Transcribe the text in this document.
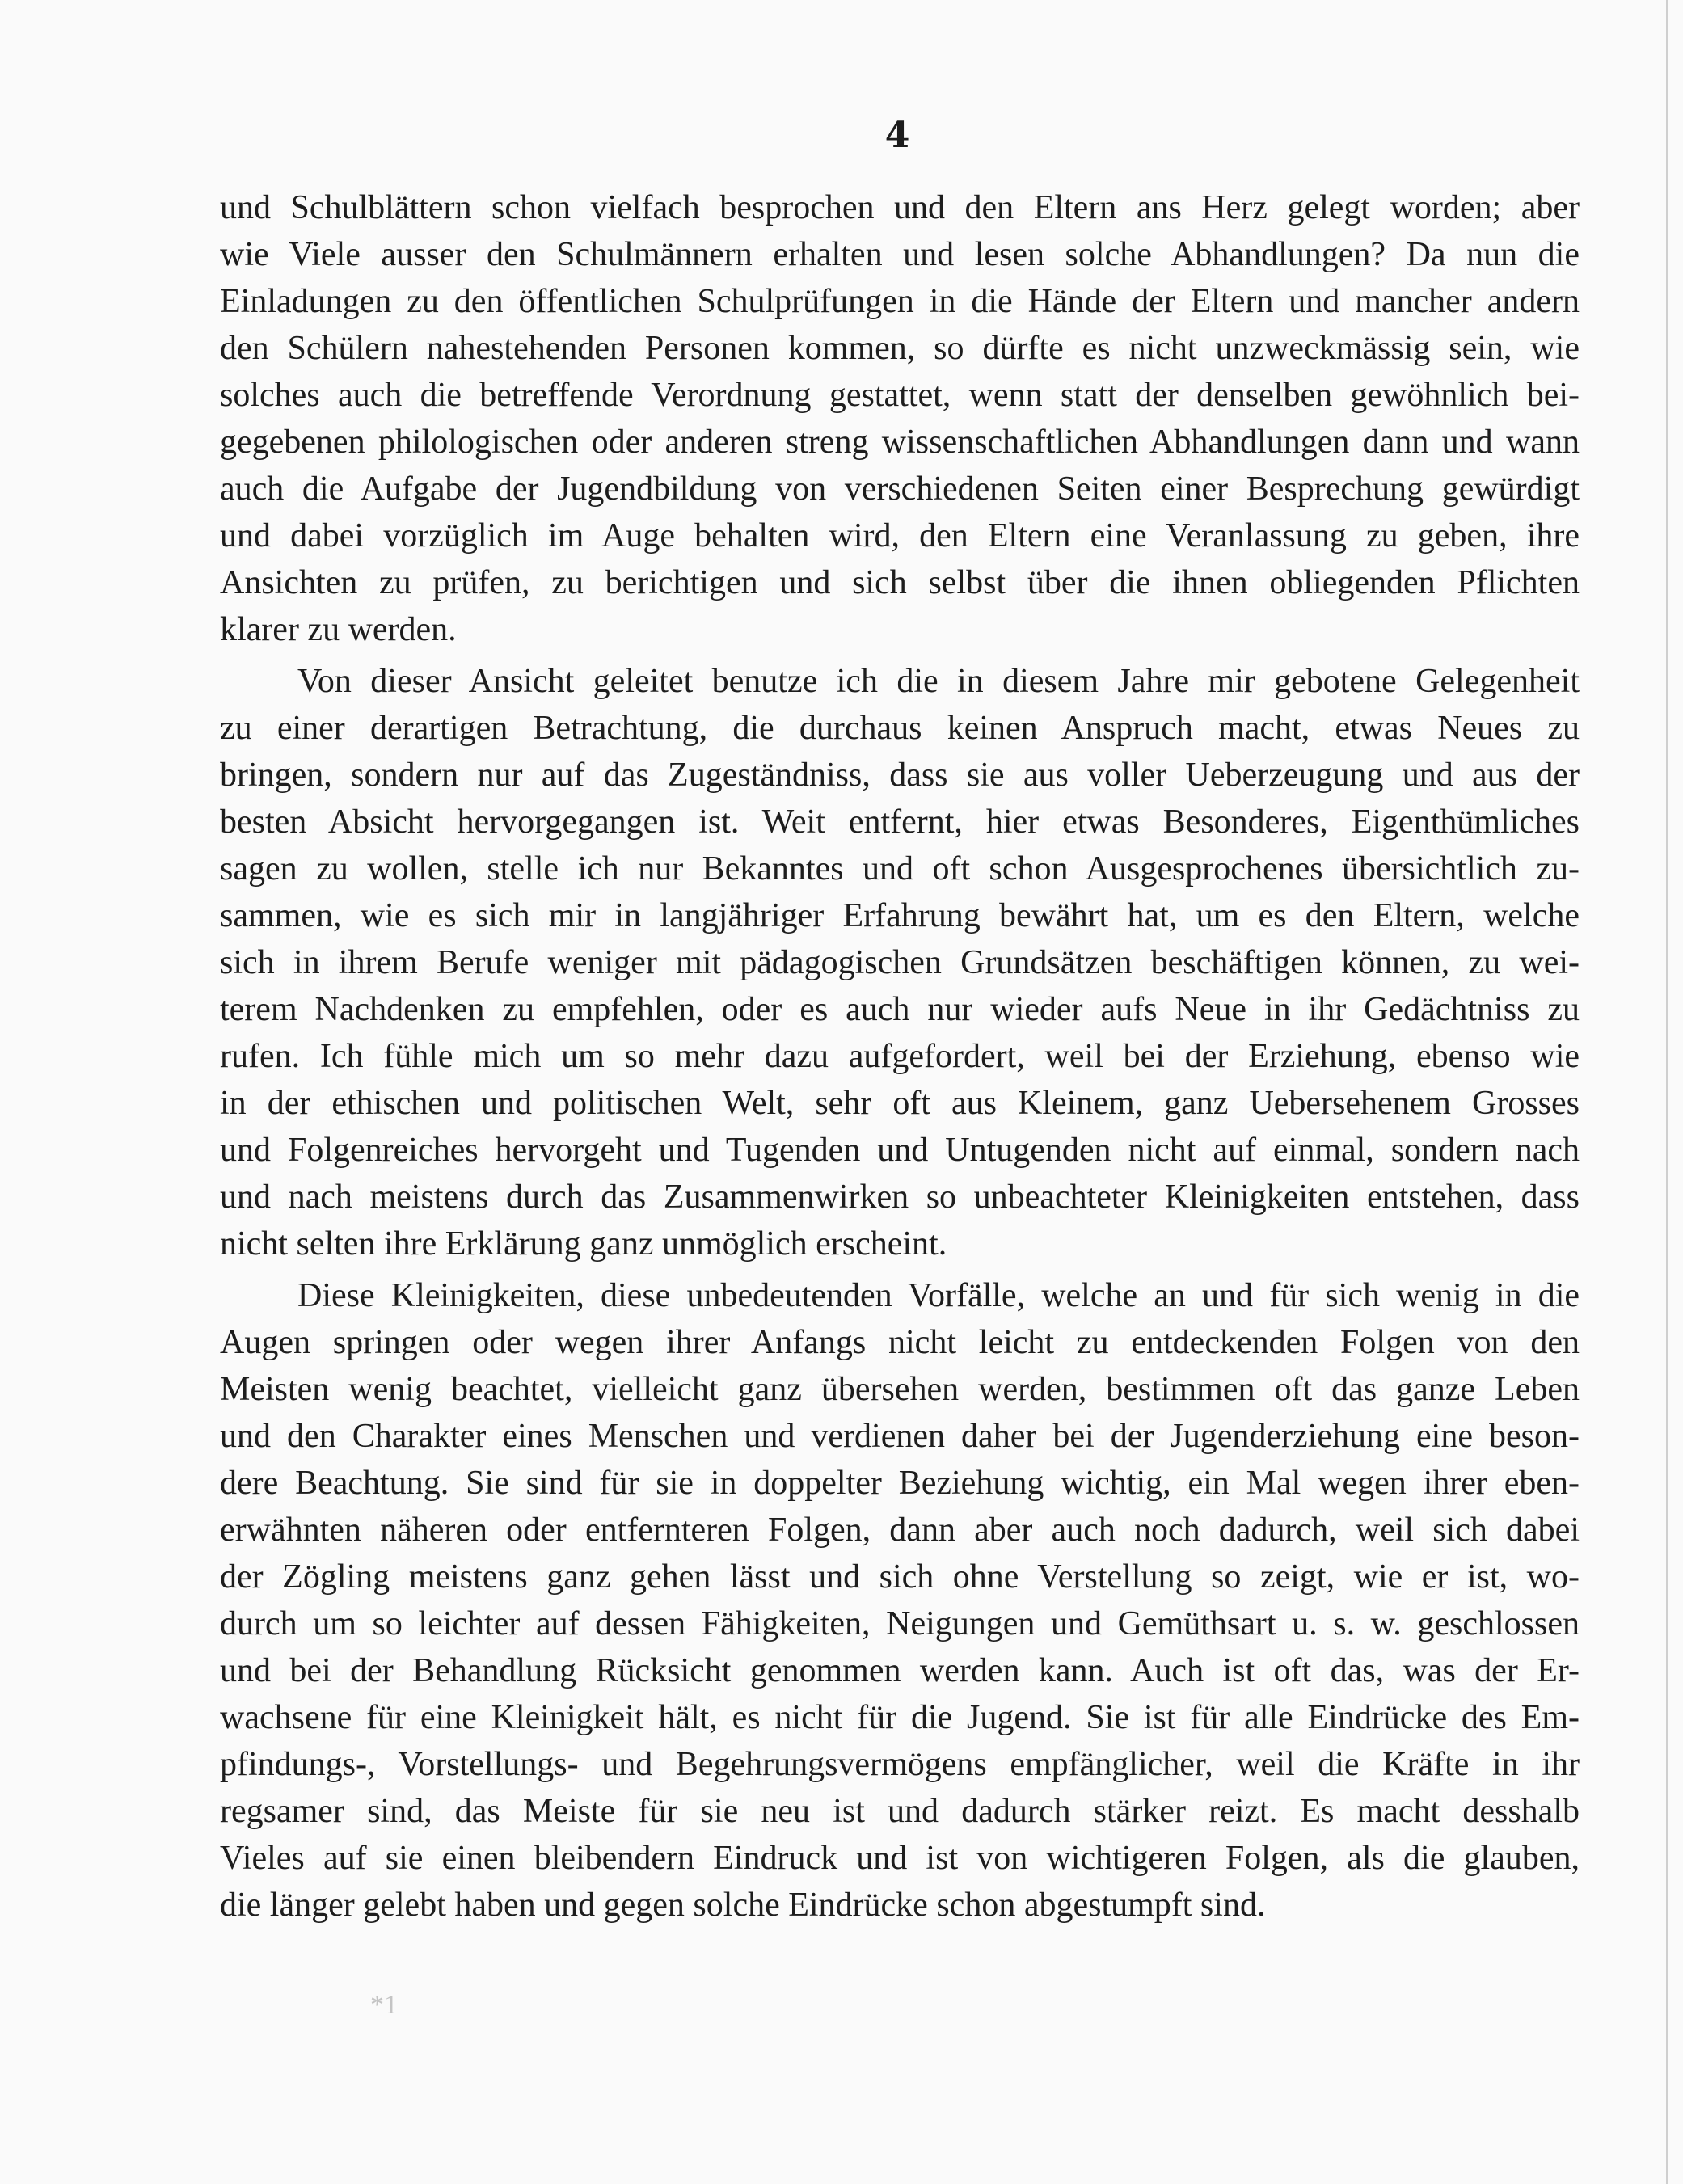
4
und Schulblättern schon vielfach besprochen und den Eltern ans Herz gelegt worden; aber
wie Viele ausser den Schulmännern erhalten und lesen solche Abhandlungen? Da nun die
Einladungen zu den öffentlichen Schulprüfungen in die Hände der Eltern und mancher andern
den Schülern nahestehenden Personen kommen, so dürfte es nicht unzweckmässig sein, wie
solches auch die betreffende Verordnung gestattet, wenn statt der denselben gewöhnlich bei-
gegebenen philologischen oder anderen streng wissenschaftlichen Abhandlungen dann und wann
auch die Aufgabe der Jugendbildung von verschiedenen Seiten einer Besprechung gewürdigt
und dabei vorzüglich im Auge behalten wird, den Eltern eine Veranlassung zu geben, ihre
Ansichten zu prüfen, zu berichtigen und sich selbst über die ihnen obliegenden Pflichten
klarer zu werden.
Von dieser Ansicht geleitet benutze ich die in diesem Jahre mir gebotene Gelegenheit
zu einer derartigen Betrachtung, die durchaus keinen Anspruch macht, etwas Neues zu
bringen, sondern nur auf das Zugeständniss, dass sie aus voller Ueberzeugung und aus der
besten Absicht hervorgegangen ist. Weit entfernt, hier etwas Besonderes, Eigenthümliches
sagen zu wollen, stelle ich nur Bekanntes und oft schon Ausgesprochenes übersichtlich zu-
sammen, wie es sich mir in langjähriger Erfahrung bewährt hat, um es den Eltern, welche
sich in ihrem Berufe weniger mit pädagogischen Grundsätzen beschäftigen können, zu wei-
terem Nachdenken zu empfehlen, oder es auch nur wieder aufs Neue in ihr Gedächtniss zu
rufen. Ich fühle mich um so mehr dazu aufgefordert, weil bei der Erziehung, ebenso wie
in der ethischen und politischen Welt, sehr oft aus Kleinem, ganz Uebersehenem Grosses
und Folgenreiches hervorgeht und Tugenden und Untugenden nicht auf einmal, sondern nach
und nach meistens durch das Zusammenwirken so unbeachteter Kleinigkeiten entstehen, dass
nicht selten ihre Erklärung ganz unmöglich erscheint.
Diese Kleinigkeiten, diese unbedeutenden Vorfälle, welche an und für sich wenig in die
Augen springen oder wegen ihrer Anfangs nicht leicht zu entdeckenden Folgen von den
Meisten wenig beachtet, vielleicht ganz übersehen werden, bestimmen oft das ganze Leben
und den Charakter eines Menschen und verdienen daher bei der Jugenderziehung eine beson-
dere Beachtung. Sie sind für sie in doppelter Beziehung wichtig, ein Mal wegen ihrer eben-
erwähnten näheren oder entfernteren Folgen, dann aber auch noch dadurch, weil sich dabei
der Zögling meistens ganz gehen lässt und sich ohne Verstellung so zeigt, wie er ist, wo-
durch um so leichter auf dessen Fähigkeiten, Neigungen und Gemüthsart u. s. w. geschlossen
und bei der Behandlung Rücksicht genommen werden kann. Auch ist oft das, was der Er-
wachsene für eine Kleinigkeit hält, es nicht für die Jugend. Sie ist für alle Eindrücke des Em-
pfindungs-, Vorstellungs- und Begehrungsvermögens empfänglicher, weil die Kräfte in ihr
regsamer sind, das Meiste für sie neu ist und dadurch stärker reizt. Es macht desshalb
Vieles auf sie einen bleibendern Eindruck und ist von wichtigeren Folgen, als die glauben,
die länger gelebt haben und gegen solche Eindrücke schon abgestumpft sind.
*1
